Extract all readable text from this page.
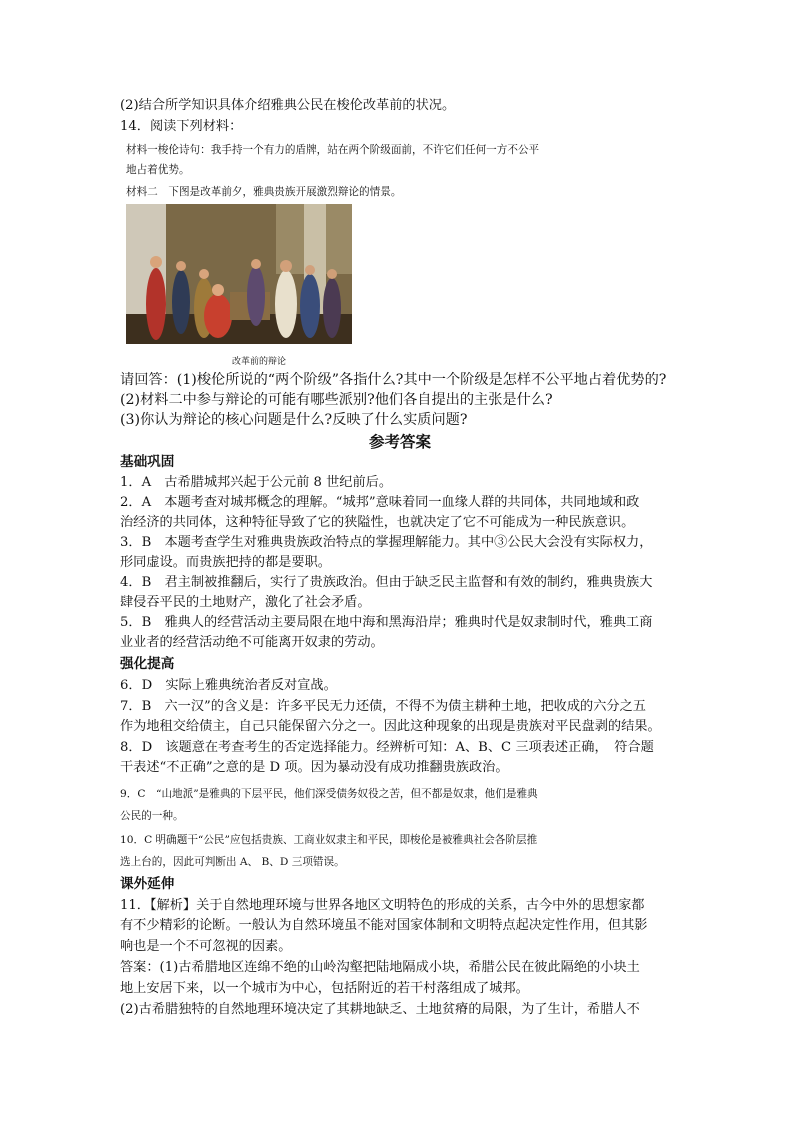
(2)结合所学知识具体介绍雅典公民在梭伦改革前的状况。
14．阅读下列材料：
材料一梭伦诗句：我手持一个有力的盾牌，站在两个阶级面前，不许它们任何一方不公平
地占着优势。
材料二　下图是改革前夕，雅典贵族开展激烈辩论的情景。
改革前的辩论
请回答：(1)梭伦所说的“两个阶级”各指什么?其中一个阶级是怎样不公平地占着优势的?
(2)材料二中参与辩论的可能有哪些派别?他们各自提出的主张是什么?
(3)你认为辩论的核心问题是什么?反映了什么实质问题?
参考答案
基础巩固
1．A　古希腊城邦兴起于公元前 8 世纪前后。
2．A　本题考查对城邦概念的理解。“城邦”意味着同一血缘人群的共同体，共同地域和政
治经济的共同体，这种特征导致了它的狭隘性，也就决定了它不可能成为一种民族意识。
3．B　本题考查学生对雅典贵族政治特点的掌握理解能力。其中③公民大会没有实际权力，
形同虚设。而贵族把持的都是要职。
4．B　君主制被推翻后，实行了贵族政治。但由于缺乏民主监督和有效的制约，雅典贵族大
肆侵吞平民的土地财产，激化了社会矛盾。
5．B　雅典人的经营活动主要局限在地中海和黑海沿岸；雅典时代是奴隶制时代，雅典工商
业业者的经营活动绝不可能离开奴隶的劳动。
强化提高
6．D　实际上雅典统治者反对宣战。
7．B　六一汉”的含义是：许多平民无力还债，不得不为债主耕种土地，把收成的六分之五
作为地租交给债主，自己只能保留六分之一。因此这种现象的出现是贵族对平民盘剥的结果。
8．D　该题意在考查考生的否定选择能力。经辨析可知：A、B、C 三项表述正确，　符合题
干表述“不正确”之意的是 D 项。因为暴动没有成功推翻贵族政治。
9．C　“山地派”是雅典的下层平民，他们深受债务奴役之苦，但不都是奴隶，他们是雅典
公民的一种。
10．C 明确题干“公民”应包括贵族、工商业奴隶主和平民，即梭伦是被雅典社会各阶层推
选上台的，因此可判断出 A、 B、D 三项错误。
课外延伸
11．【解析】关于自然地理环境与世界各地区文明特色的形成的关系，古今中外的思想家都
有不少精彩的论断。一般认为自然环境虽不能对国家体制和文明特点起决定性作用，但其影
响也是一个不可忽视的因素。
答案：(1)古希腊地区连绵不绝的山岭沟壑把陆地隔成小块，希腊公民在彼此隔绝的小块土
地上安居下来，以一个城市为中心，包括附近的若干村落组成了城邦。
(2)古希腊独特的自然地理环境决定了其耕地缺乏、土地贫瘠的局限，为了生计，希腊人不
